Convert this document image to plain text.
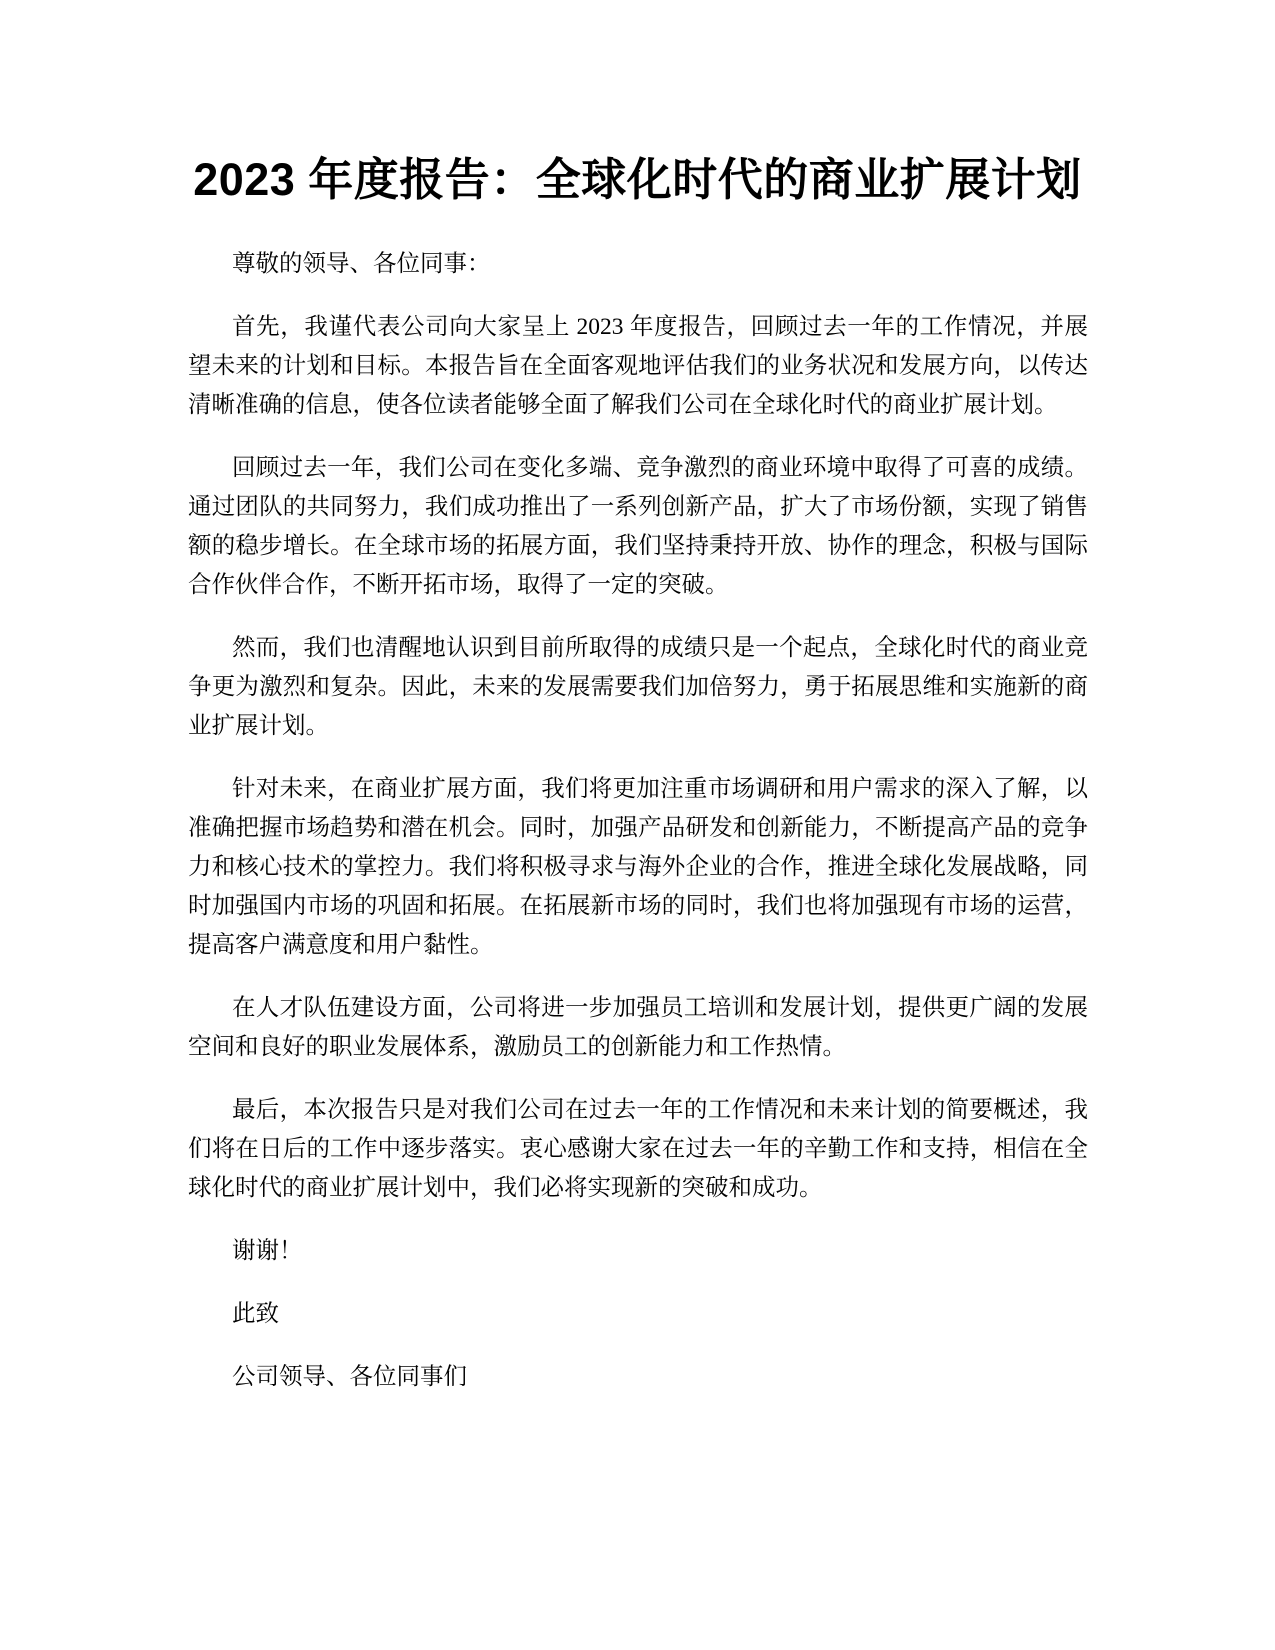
2023 年度报告：全球化时代的商业扩展计划

尊敬的领导、各位同事：

首先，我谨代表公司向大家呈上 2023 年度报告，回顾过去一年的工作情况，并展望未来的计划和目标。本报告旨在全面客观地评估我们的业务状况和发展方向，以传达清晰准确的信息，使各位读者能够全面了解我们公司在全球化时代的商业扩展计划。

回顾过去一年，我们公司在变化多端、竞争激烈的商业环境中取得了可喜的成绩。通过团队的共同努力，我们成功推出了一系列创新产品，扩大了市场份额，实现了销售额的稳步增长。在全球市场的拓展方面，我们坚持秉持开放、协作的理念，积极与国际合作伙伴合作，不断开拓市场，取得了一定的突破。

然而，我们也清醒地认识到目前所取得的成绩只是一个起点，全球化时代的商业竞争更为激烈和复杂。因此，未来的发展需要我们加倍努力，勇于拓展思维和实施新的商业扩展计划。

针对未来，在商业扩展方面，我们将更加注重市场调研和用户需求的深入了解，以准确把握市场趋势和潜在机会。同时，加强产品研发和创新能力，不断提高产品的竞争力和核心技术的掌控力。我们将积极寻求与海外企业的合作，推进全球化发展战略，同时加强国内市场的巩固和拓展。在拓展新市场的同时，我们也将加强现有市场的运营，提高客户满意度和用户黏性。

在人才队伍建设方面，公司将进一步加强员工培训和发展计划，提供更广阔的发展空间和良好的职业发展体系，激励员工的创新能力和工作热情。

最后，本次报告只是对我们公司在过去一年的工作情况和未来计划的简要概述，我们将在日后的工作中逐步落实。衷心感谢大家在过去一年的辛勤工作和支持，相信在全球化时代的商业扩展计划中，我们必将实现新的突破和成功。

谢谢！

此致

公司领导、各位同事们
